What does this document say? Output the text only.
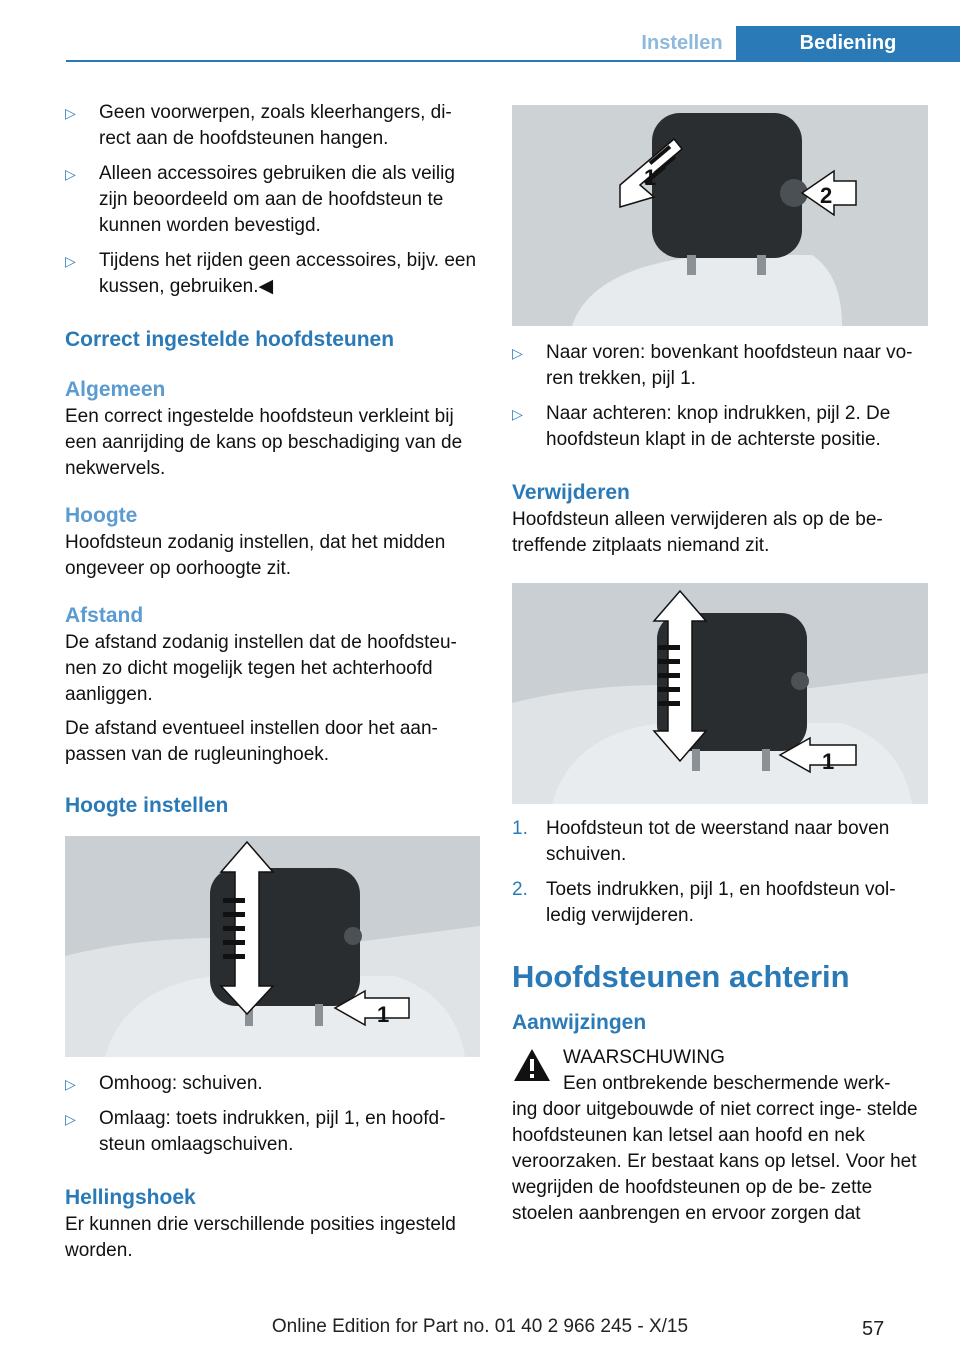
Instellen	Bediening
▷ Geen voorwerpen, zoals kleerhangers, di‐ rect aan de hoofdsteunen hangen.
▷ Alleen accessoires gebruiken die als veilig zijn beoordeeld om aan de hoofdsteun te kunnen worden bevestigd.
▷ Tijdens het rijden geen accessoires, bijv. een kussen, gebruiken.◀
Correct ingestelde hoofdsteunen
Algemeen

Een correct ingestelde hoofdsteun verkleint bij een aanrijding de kans op beschadiging van de nekwervels.

Hoogte

Hoofdsteun zodanig instellen, dat het midden ongeveer op oorhoogte zit.

Afstand

De afstand zodanig instellen dat de hoofdsteu‐ nen zo dicht mogelijk tegen het achterhoofd aanliggen.

De afstand eventueel instellen door het aan‐ passen van de rugleuninghoek.

Hoogte instellen
1
▷ Omhoog: schuiven.
▷ Omlaag: toets indrukken, pijl 1, en hoofd‐ steun omlaagschuiven.
Hellingshoek

Er kunnen drie verschillende posities ingesteld worden.

1
2
▷ Naar voren: bovenkant hoofdsteun naar vo‐ ren trekken, pijl 1.
▷ Naar achteren: knop indrukken, pijl 2. De hoofdsteun klapt in de achterste positie.
Verwijderen

Hoofdsteun alleen verwijderen als op de be‐ treffende zitplaats niemand zit.

1
1. Hoofdsteun tot de weerstand naar boven schuiven.
2. Toets indrukken, pijl 1, en hoofdsteun vol‐ ledig verwijderen.
Hoofdsteunen achterin
Aanwijzingen
WAARSCHUWING

Een ontbrekende beschermende werk‐

ing door uitgebouwde of niet correct inge‐ stelde hoofdsteunen kan letsel aan hoofd en nek veroorzaken. Er bestaat kans op letsel. Voor het wegrijden de hoofdsteunen op de be‐ zette stoelen aanbrengen en ervoor zorgen dat

Online Edition for Part no. 01 40 2 966 245 - X/15	57
